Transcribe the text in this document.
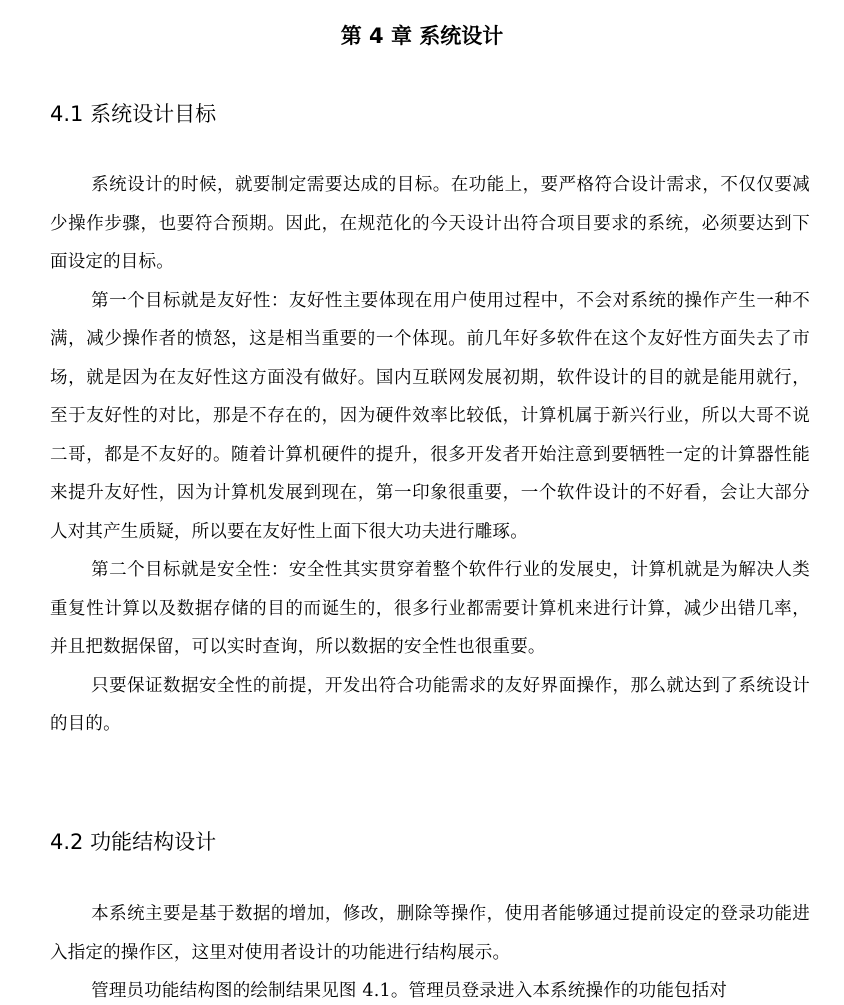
第 4 章 系统设计
4.1 系统设计目标

系统设计的时候，就要制定需要达成的目标。在功能上，要严格符合设计需求，不仅仅要减少操作步骤，也要符合预期。因此，在规范化的今天设计出符合项目要求的系统，必须要达到下面设定的目标。

第一个目标就是友好性：友好性主要体现在用户使用过程中，不会对系统的操作产生一种不满，减少操作者的愤怒，这是相当重要的一个体现。前几年好多软件在这个友好性方面失去了市场，就是因为在友好性这方面没有做好。国内互联网发展初期，软件设计的目的就是能用就行，至于友好性的对比，那是不存在的，因为硬件效率比较低，计算机属于新兴行业，所以大哥不说二哥，都是不友好的。随着计算机硬件的提升，很多开发者开始注意到要牺牲一定的计算器性能来提升友好性，因为计算机发展到现在，第一印象很重要，一个软件设计的不好看，会让大部分人对其产生质疑，所以要在友好性上面下很大功夫进行雕琢。

第二个目标就是安全性：安全性其实贯穿着整个软件行业的发展史，计算机就是为解决人类重复性计算以及数据存储的目的而诞生的，很多行业都需要计算机来进行计算，减少出错几率，并且把数据保留，可以实时查询，所以数据的安全性也很重要。

只要保证数据安全性的前提，开发出符合功能需求的友好界面操作，那么就达到了系统设计的目的。

4.2 功能结构设计

本系统主要是基于数据的增加，修改，删除等操作，使用者能够通过提前设定的登录功能进入指定的操作区，这里对使用者设计的功能进行结构展示。

管理员功能结构图的绘制结果见图 4.1。管理员登录进入本系统操作的功能包括对
